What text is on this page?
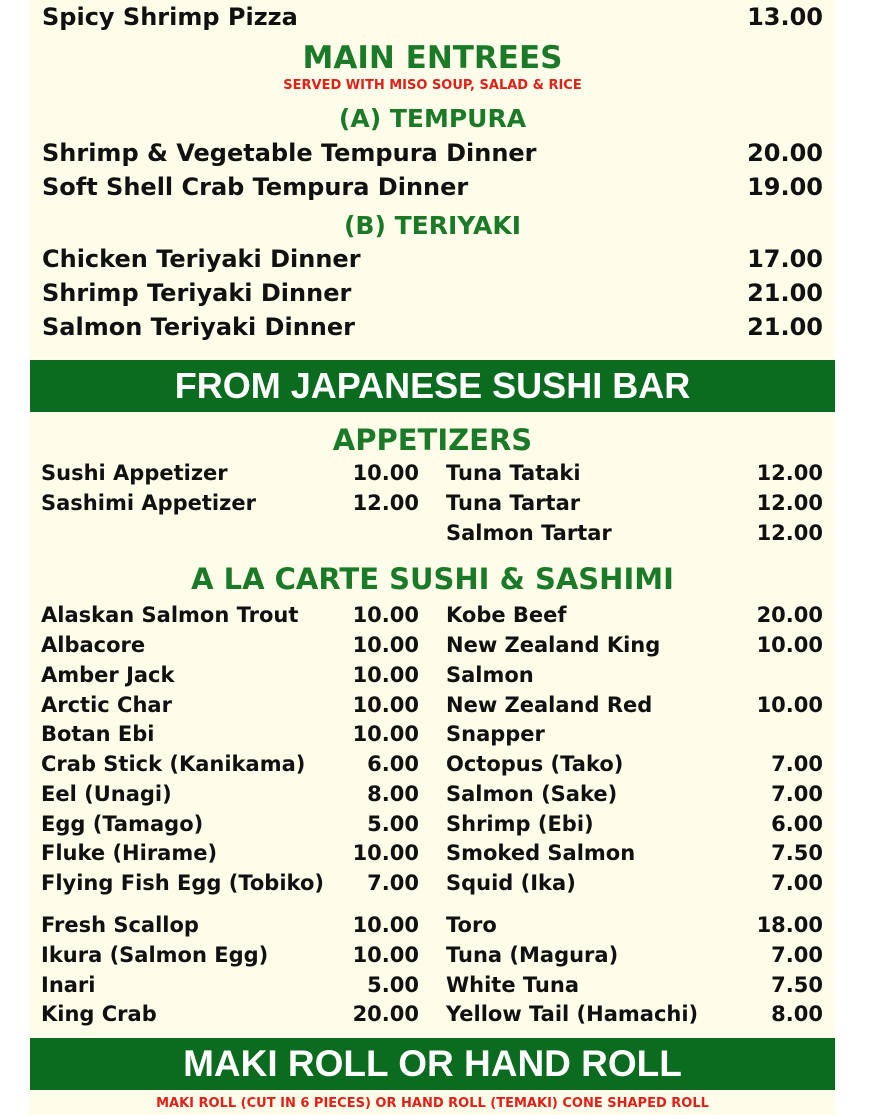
Spicy Shrimp Pizza	13.00
MAIN ENTREES
SERVED WITH MISO SOUP, SALAD & RICE
(A) TEMPURA
Shrimp & Vegetable Tempura Dinner	20.00
Soft Shell Crab Tempura Dinner	19.00
(B) TERIYAKI
Chicken Teriyaki Dinner	17.00
Shrimp Teriyaki Dinner	21.00
Salmon Teriyaki Dinner	21.00
FROM JAPANESE SUSHI BAR
APPETIZERS
Sushi Appetizer	10.00
Sashimi Appetizer	12.00
Tuna Tataki	12.00
Tuna Tartar	12.00
Salmon Tartar	12.00
A LA CARTE SUSHI & SASHIMI
Alaskan Salmon Trout	10.00
Albacore	10.00
Amber Jack	10.00
Arctic Char	10.00
Botan Ebi	10.00
Crab Stick (Kanikama)	6.00
Eel (Unagi)	8.00
Egg (Tamago)	5.00
Fluke (Hirame)	10.00
Flying Fish Egg (Tobiko)	7.00
Fresh Scallop	10.00
Ikura (Salmon Egg)	10.00
Inari	5.00
King Crab	20.00
Kobe Beef	20.00
New Zealand King	10.00
Salmon
New Zealand Red	10.00
Snapper
Octopus (Tako)	7.00
Salmon (Sake)	7.00
Shrimp (Ebi)	6.00
Smoked Salmon	7.50
Squid (Ika)	7.00
Toro	18.00
Tuna (Magura)	7.00
White Tuna	7.50
Yellow Tail (Hamachi)	8.00
MAKI ROLL OR HAND ROLL
MAKI ROLL (CUT IN 6 PIECES) OR HAND ROLL (TEMAKI) CONE SHAPED ROLL
